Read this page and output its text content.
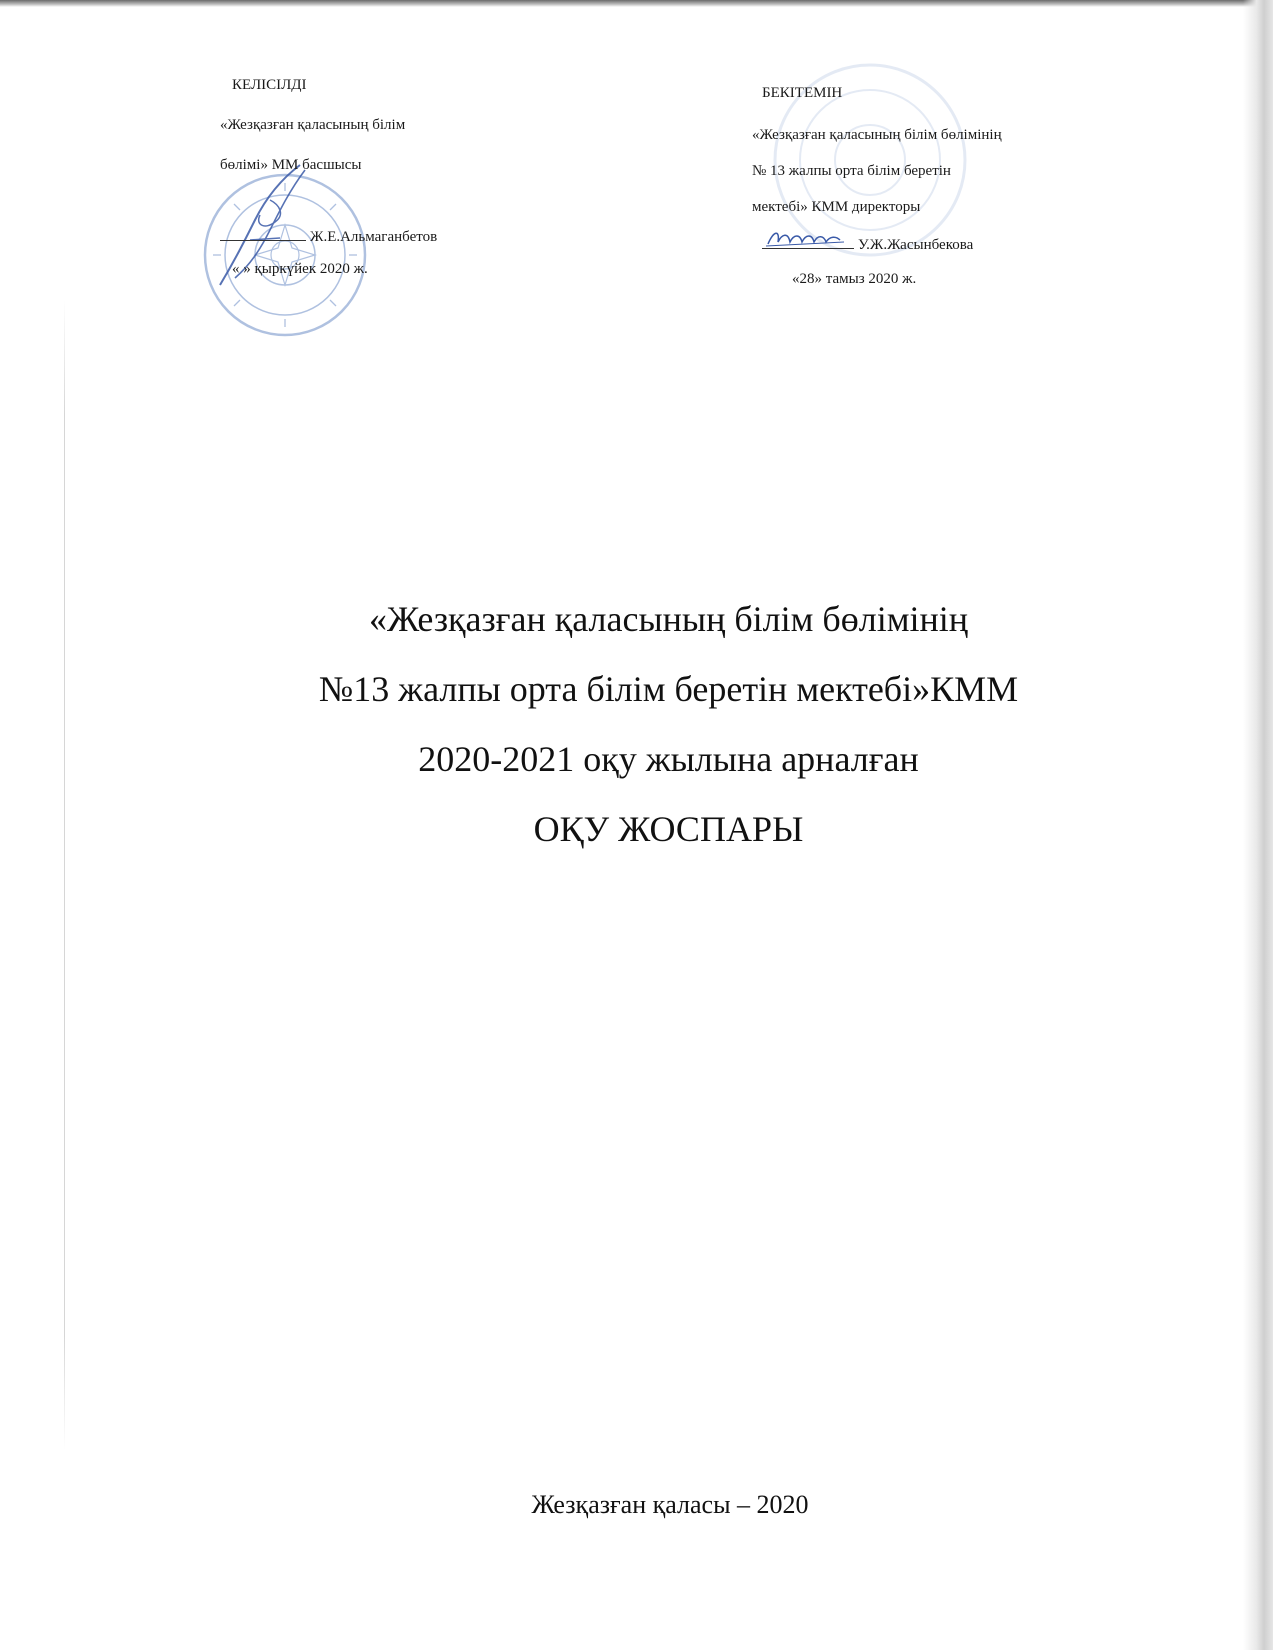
КЕЛІСІЛДІ
«Жезқазған қаласының білім
бөлімі» ММ басшысы
Ж.Е.Альмаганбетов
« » қыркүйек 2020 ж.
БЕКІТЕМІН
«Жезқазған қаласының білім бөлімінің
№ 13 жалпы орта білім беретін
мектебі» КММ директоры
У.Ж.Жасынбекова
«28» тамыз 2020 ж.
«Жезқазған қаласының білім бөлімінің
№13 жалпы орта білім беретін мектебі»КММ
2020-2021 оқу жылына арналған
ОҚУ ЖОСПАРЫ
Жезқазған қаласы – 2020
